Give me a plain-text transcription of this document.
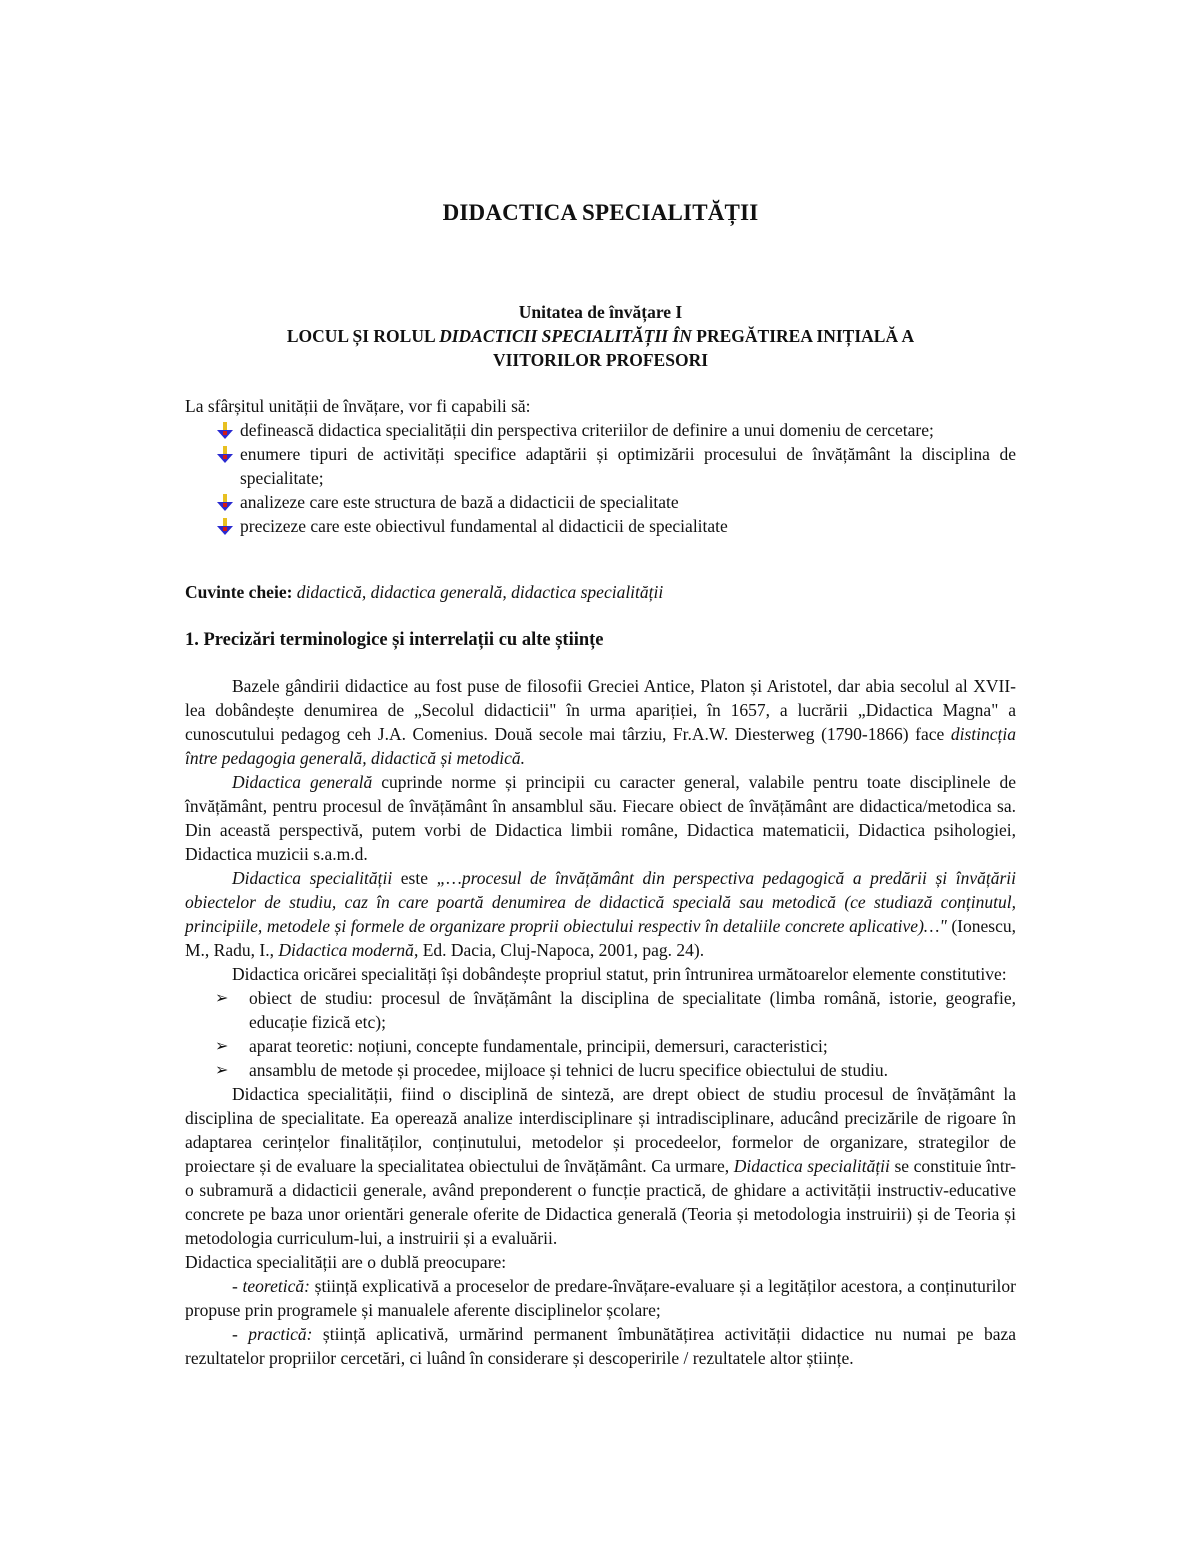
DIDACTICA SPECIALITĂȚII
Unitatea de învățare I
LOCUL ȘI ROLUL DIDACTICII SPECIALITĂȚII ÎN PREGĂTIREA INIȚIALĂ A
VIITORILOR PROFESORI
La sfârșitul unității de învățare, vor fi capabili să:
definească didactica specialității din perspectiva criteriilor de definire a unui domeniu de cercetare;
enumere tipuri de activități specifice adaptării și optimizării procesului de învățământ la disciplina de specialitate;
analizeze care este structura de bază a didacticii de specialitate
precizeze care este obiectivul fundamental al didacticii de specialitate
Cuvinte cheie: didactică, didactica generală, didactica specialității
1. Precizări terminologice și interrelații cu alte științe
Bazele gândirii didactice au fost puse de filosofii Greciei Antice, Platon și Aristotel, dar abia secolul al XVII-lea dobândește denumirea de „Secolul didacticii" în urma apariției, în 1657, a lucrării „Didactica Magna" a cunoscutului pedagog ceh J.A. Comenius. Două secole mai târziu, Fr.A.W. Diesterweg (1790-1866) face distincția între pedagogia generală, didactică și metodică.
Didactica generală cuprinde norme și principii cu caracter general, valabile pentru toate disciplinele de învățământ, pentru procesul de învățământ în ansamblul său. Fiecare obiect de învățământ are didactica/metodica sa. Din această perspectivă, putem vorbi de Didactica limbii române, Didactica matematicii, Didactica psihologiei, Didactica muzicii s.a.m.d.
Didactica specialității este „…procesul de învățământ din perspectiva pedagogică a predării și învățării obiectelor de studiu, caz în care poartă denumirea de didactică specială sau metodică (ce studiază conținutul, principiile, metodele și formele de organizare proprii obiectului respectiv în detaliile concrete aplicative)…" (Ionescu, M., Radu, I., Didactica modernă, Ed. Dacia, Cluj-Napoca, 2001, pag. 24).
Didactica oricărei specialități își dobândește propriul statut, prin întrunirea următoarelor elemente constitutive:
➢ obiect de studiu: procesul de învățământ la disciplina de specialitate (limba română, istorie, geografie, educație fizică etc);
➢ aparat teoretic: noțiuni, concepte fundamentale, principii, demersuri, caracteristici;
➢ ansamblu de metode și procedee, mijloace și tehnici de lucru specifice obiectului de studiu.
Didactica specialității, fiind o disciplină de sinteză, are drept obiect de studiu procesul de învățământ la disciplina de specialitate. Ea operează analize interdisciplinare și intradisciplinare, aducând precizările de rigoare în adaptarea cerințelor finalităților, conținutului, metodelor și procedeelor, formelor de organizare, strategilor de proiectare și de evaluare la specialitatea obiectului de învățământ. Ca urmare, Didactica specialității se constituie într-o subramură a didacticii generale, având preponderent o funcție practică, de ghidare a activității instructiv-educative concrete pe baza unor orientări generale oferite de Didactica generală (Teoria și metodologia instruirii) și de Teoria și metodologia curriculum-lui, a instruirii și a evaluării.
Didactica specialității are o dublă preocupare:
- teoretică: știință explicativă a proceselor de predare-învățare-evaluare și a legităților acestora, a conținuturilor propuse prin programele și manualele aferente disciplinelor școlare;
- practică: știință aplicativă, urmărind permanent îmbunătățirea activității didactice nu numai pe baza rezultatelor propriilor cercetări, ci luând în considerare și descoperirile / rezultatele altor științe.
